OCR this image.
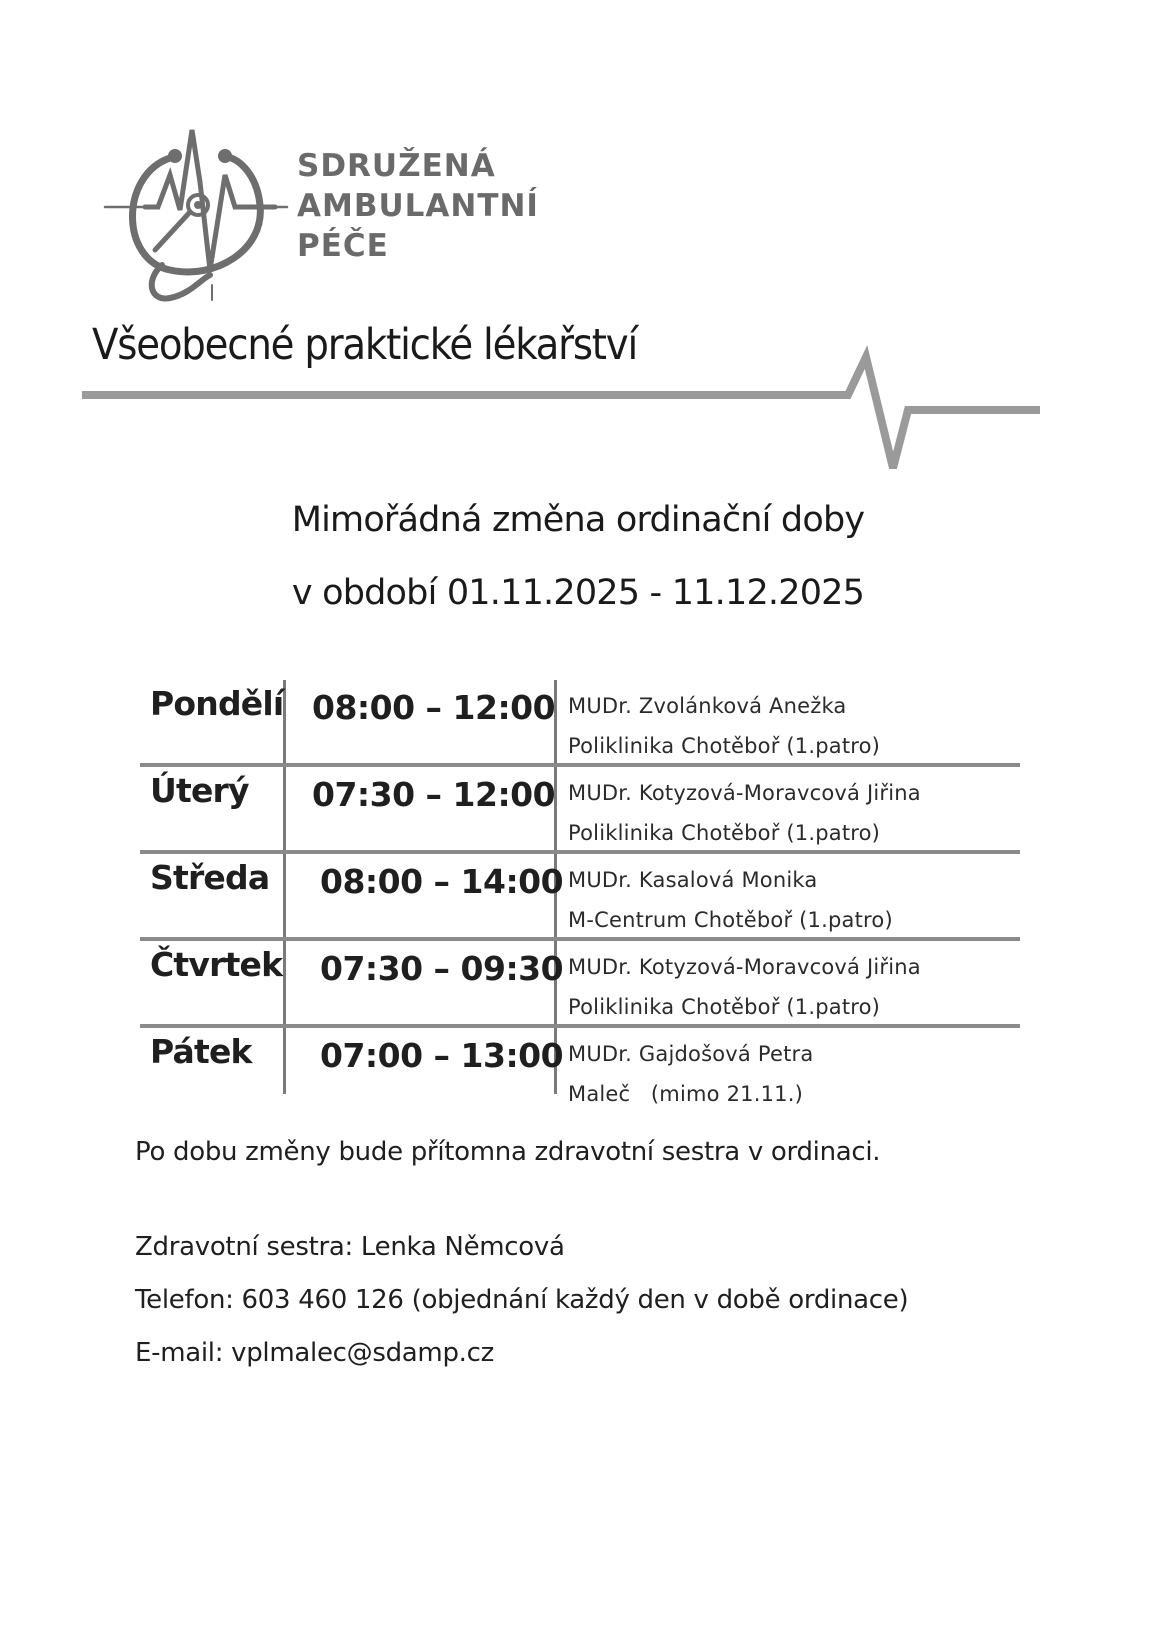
SDRUŽENÁ
AMBULANTNÍ
PÉČE
Všeobecné praktické lékařství
Mimořádná změna ordinační doby
v období 01.11.2025 - 11.12.2025
Pondělí 08:00 – 12:00 MUDr. Zvolánková Anežka
Poliklinika Chotěboř (1.patro)
Úterý 07:30 – 12:00 MUDr. Kotyzová-Moravcová Jiřina
Poliklinika Chotěboř (1.patro)
Středa 08:00 – 14:00 MUDr. Kasalová Monika
M-Centrum Chotěboř (1.patro)
Čtvrtek 07:30 – 09:30 MUDr. Kotyzová-Moravcová Jiřina
Poliklinika Chotěboř (1.patro)
Pátek 07:00 – 13:00 MUDr. Gajdošová Petra
Maleč   (mimo 21.11.)
Po dobu změny bude přítomna zdravotní sestra v ordinaci.
Zdravotní sestra: Lenka Němcová
Telefon: 603 460 126 (objednání každý den v době ordinace)
E-mail: vplmalec@sdamp.cz
